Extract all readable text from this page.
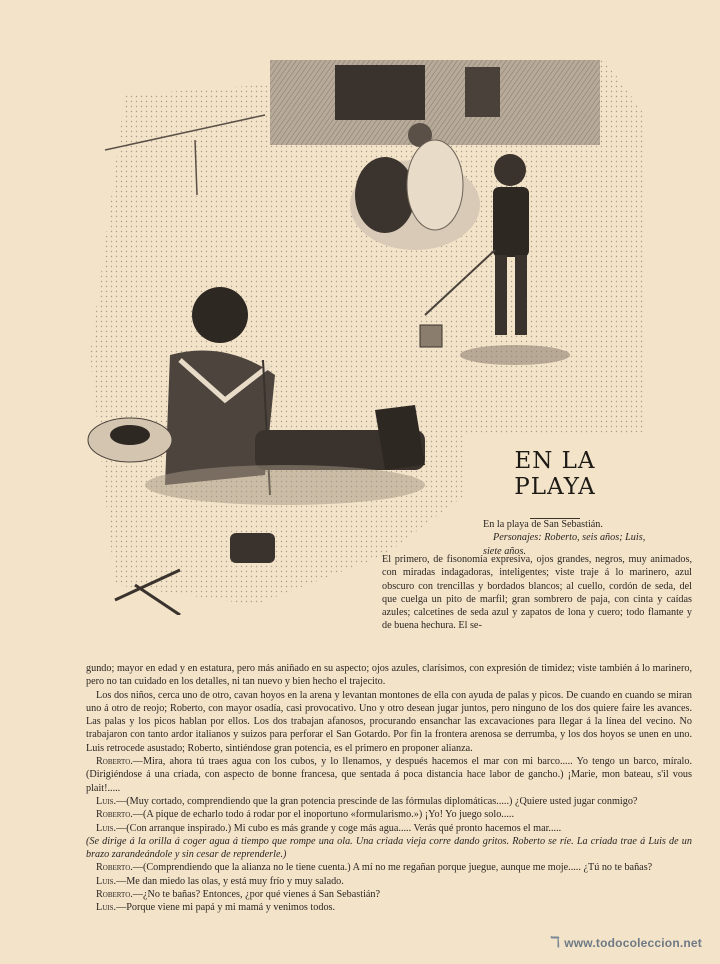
EN LA PLAYA
En la playa de San Sebastián.
Personajes: Roberto, seis años; Luis,
siete años.
El primero, de fisonomía expresiva, ojos grandes, negros, muy animados, con miradas indagadoras, inteligentes; viste traje á lo marinero, azul obscuro con trencillas y bordados blancos; al cuello, cordón de seda, del que cuelga un pito de marfil; gran sombrero de paja, con cinta y caídas azules; calcetines de seda azul y zapatos de lona y cuero; todo flamante y de buena hechura. El se-

gundo; mayor en edad y en estatura, pero más aniñado en su aspecto; ojos azules, clarísimos, con expresión de timidez; viste también á lo marinero, pero no tan cuidado en los detalles, ni tan nuevo y bien hecho el trajecito.

Los dos niños, cerca uno de otro, cavan hoyos en la arena y levantan montones de ella con ayuda de palas y picos. De cuando en cuando se miran uno á otro de reojo; Roberto, con mayor osadía, casi provocativo. Uno y otro desean jugar juntos, pero ninguno de los dos quiere faire les avances. Las palas y los picos hablan por ellos. Los dos trabajan afanosos, procurando ensanchar las excavaciones para llegar á la línea del vecino. No trabajaron con tanto ardor italianos y suizos para perforar el San Gotardo. Por fin la frontera arenosa se derrumba, y los dos hoyos se unen en uno. Luis retrocede asustado; Roberto, sintiéndose gran potencia, es el primero en proponer alianza.

Roberto.—Mira, ahora tú traes agua con los cubos, y lo llenamos, y después hacemos el mar con mi barco..... Yo tengo un barco, míralo. (Dirigiéndose á una criada, con aspecto de bonne francesa, que sentada á poca distancia hace labor de gancho.) ¡Marie, mon bateau, s'il vous plait!.....

Luis.—(Muy cortado, comprendiendo que la gran potencia prescinde de las fórmulas diplomáticas.....) ¿Quiere usted jugar conmigo?

Roberto.—(A pique de echarlo todo á rodar por el inoportuno «formularismo.») ¡Yo! Yo juego solo.....

Luis.—(Con arranque inspirado.) Mi cubo es más grande y coge más agua..... Verás qué pronto hacemos el mar.....

(Se dirige á la orilla á coger agua á tiempo que rompe una ola. Una criada vieja corre dando gritos. Roberto se ríe. La criada trae á Luis de un brazo zarandeándole y sin cesar de reprenderle.)

Roberto.—(Comprendiendo que la alianza no le tiene cuenta.) A mí no me regañan porque juegue, aunque me moje..... ¿Tú no te bañas?

Luis.—Me dan miedo las olas, y está muy frío y muy salado.

Roberto.—¿No te bañas? Entonces, ¿por qué vienes á San Sebastián?

Luis.—Porque viene mi papá y mi mamá y venimos todos.

ℸ www.todocoleccion.net
